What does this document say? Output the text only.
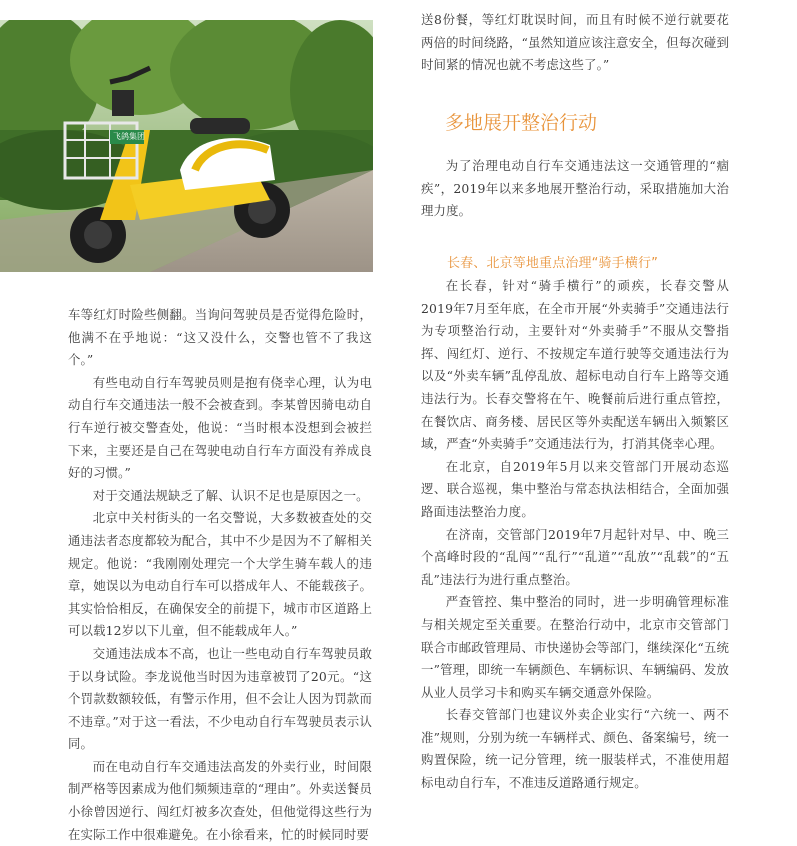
飞鸽集团

车等红灯时险些侧翻。当询问驾驶员是否觉得危险时，他满不在乎地说：“这又没什么，交警也管不了我这个。”

有些电动自行车驾驶员则是抱有侥幸心理，认为电动自行车交通违法一般不会被查到。李某曾因骑电动自行车逆行被交警查处，他说：“当时根本没想到会被拦下来，主要还是自己在驾驶电动自行车方面没有养成良好的习惯。”

对于交通法规缺乏了解、认识不足也是原因之一。

北京中关村街头的一名交警说，大多数被查处的交通违法者态度都较为配合，其中不少是因为不了解相关规定。他说：“我刚刚处理完一个大学生骑车载人的违章，她误以为电动自行车可以搭成年人、不能载孩子。其实恰恰相反，在确保安全的前提下，城市市区道路上可以载12岁以下儿童，但不能载成年人。”

交通违法成本不高，也让一些电动自行车驾驶员敢于以身试险。李龙说他当时因为违章被罚了20元。“这个罚款数额较低，有警示作用，但不会让人因为罚款而不违章。”对于这一看法，不少电动自行车驾驶员表示认同。

而在电动自行车交通违法高发的外卖行业，时间限制严格等因素成为他们频频违章的“理由”。外卖送餐员小徐曾因逆行、闯红灯被多次查处，但他觉得这些行为在实际工作中很难避免。在小徐看来，忙的时候同时要

送8份餐，等红灯耽误时间，而且有时候不逆行就要花两倍的时间绕路，“虽然知道应该注意安全，但每次碰到时间紧的情况也就不考虑这些了。”

多地展开整治行动

为了治理电动自行车交通违法这一交通管理的“痼疾”，2019年以来多地展开整治行动，采取措施加大治理力度。

长春、北京等地重点治理“骑手横行”

在长春，针对“骑手横行”的顽疾，长春交警从2019年7月至年底，在全市开展“外卖骑手”交通违法行为专项整治行动，主要针对“外卖骑手”不服从交警指挥、闯红灯、逆行、不按规定车道行驶等交通违法行为以及“外卖车辆”乱停乱放、超标电动自行车上路等交通违法行为。长春交警将在午、晚餐前后进行重点管控，在餐饮店、商务楼、居民区等外卖配送车辆出入频繁区域，严查“外卖骑手”交通违法行为，打消其侥幸心理。

在北京，自2019年5月以来交管部门开展动态巡逻、联合巡视，集中整治与常态执法相结合，全面加强路面违法整治力度。

在济南，交管部门2019年7月起针对早、中、晚三个高峰时段的“乱闯”“乱行”“乱道”“乱放”“乱载”的“五乱”违法行为进行重点整治。

严查管控、集中整治的同时，进一步明确管理标准与相关规定至关重要。在整治行动中，北京市交管部门联合市邮政管理局、市快递协会等部门，继续深化“五统一”管理，即统一车辆颜色、车辆标识、车辆编码、发放从业人员学习卡和购买车辆交通意外保险。

长春交管部门也建议外卖企业实行“六统一、两不准”规则，分别为统一车辆样式、颜色、备案编号，统一购置保险，统一记分管理，统一服装样式，不准使用超标电动自行车，不准违反道路通行规定。
